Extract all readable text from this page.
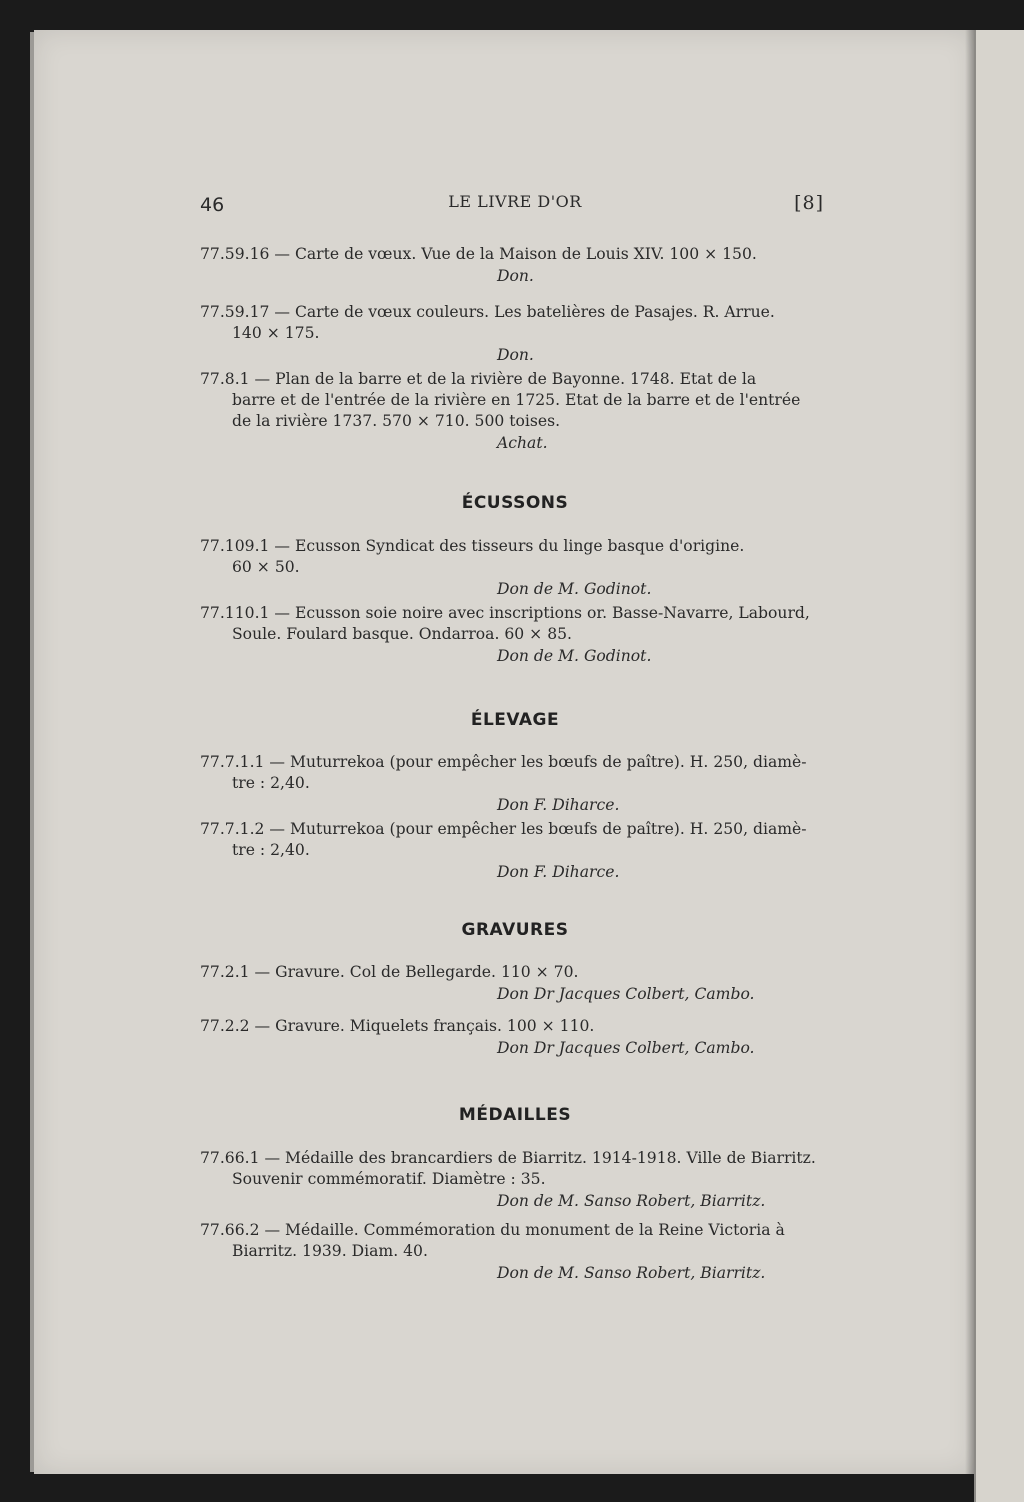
46	LE LIVRE D'OR	[8]

77.59.16 — Carte de vœux. Vue de la Maison de Louis XIV. 100 × 150.

Don.

77.59.17 — Carte de vœux couleurs. Les batelières de Pasajes. R. Arrue.

140 × 175.

Don.

77.8.1 — Plan de la barre et de la rivière de Bayonne. 1748. Etat de la

barre et de l'entrée de la rivière en 1725. Etat de la barre et de l'entrée

de la rivière 1737. 570 × 710. 500 toises.

Achat.

ÉCUSSONS

77.109.1 — Ecusson Syndicat des tisseurs du linge basque d'origine.

60 × 50.

Don de M. Godinot.

77.110.1 — Ecusson soie noire avec inscriptions or. Basse-Navarre, Labourd,

Soule. Foulard basque. Ondarroa. 60 × 85.

Don de M. Godinot.

ÉLEVAGE

77.7.1.1 — Muturrekoa (pour empêcher les bœufs de paître). H. 250, diamè-

tre : 2,40.

Don F. Diharce.

77.7.1.2 — Muturrekoa (pour empêcher les bœufs de paître). H. 250, diamè-

tre : 2,40.

Don F. Diharce.

GRAVURES

77.2.1 — Gravure. Col de Bellegarde. 110 × 70.

Don Dr Jacques Colbert, Cambo.

77.2.2 — Gravure. Miquelets français. 100 × 110.

Don Dr Jacques Colbert, Cambo.

MÉDAILLES

77.66.1 — Médaille des brancardiers de Biarritz. 1914-1918. Ville de Biarritz.

Souvenir commémoratif. Diamètre : 35.

Don de M. Sanso Robert, Biarritz.

77.66.2 — Médaille. Commémoration du monument de la Reine Victoria à

Biarritz. 1939. Diam. 40.

Don de M. Sanso Robert, Biarritz.
